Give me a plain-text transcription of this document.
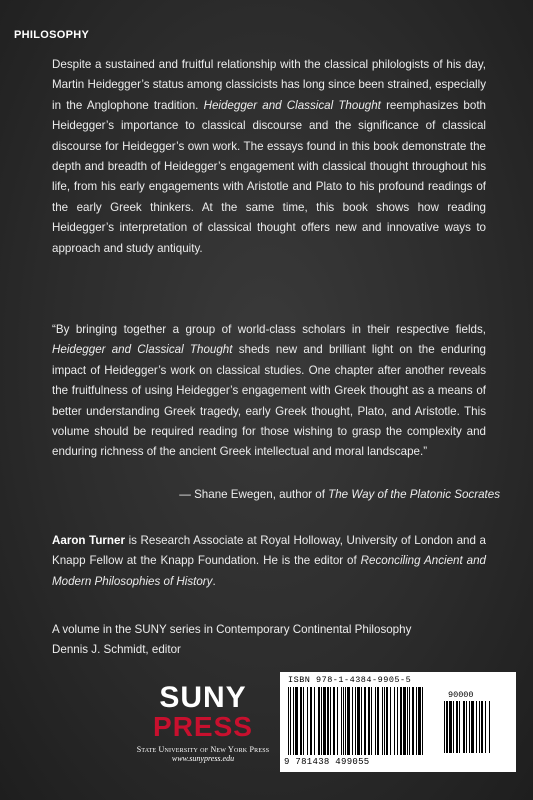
PHILOSOPHY
Despite a sustained and fruitful relationship with the classical philologists of his day, Martin Heidegger’s status among classicists has long since been strained, especially in the Anglophone tradition. Heidegger and Classical Thought reemphasizes both Heidegger’s importance to classical discourse and the significance of classical discourse for Heidegger’s own work. The essays found in this book demonstrate the depth and breadth of Heidegger’s engagement with classical thought throughout his life, from his early engagements with Aristotle and Plato to his profound readings of the early Greek thinkers. At the same time, this book shows how reading Heidegger’s interpretation of classical thought offers new and innovative ways to approach and study antiquity.
“By bringing together a group of world-class scholars in their respective fields, Heidegger and Classical Thought sheds new and brilliant light on the enduring impact of Heidegger’s work on classical studies. One chapter after another reveals the fruitfulness of using Heidegger’s engagement with Greek thought as a means of better understanding Greek tragedy, early Greek thought, Plato, and Aristotle. This volume should be required reading for those wishing to grasp the complexity and enduring richness of the ancient Greek intellectual and moral landscape.”
— Shane Ewegen, author of The Way of the Platonic Socrates
Aaron Turner is Research Associate at Royal Holloway, University of London and a Knapp Fellow at the Knapp Foundation. He is the editor of Reconciling Ancient and Modern Philosophies of History.
A volume in the SUNY series in Contemporary Continental Philosophy
Dennis J. Schmidt, editor
SUNY
PRESS
State University of New York Press
www.sunypress.edu
ISBN 978-1-4384-9905-5
90000
9 781438 499055
